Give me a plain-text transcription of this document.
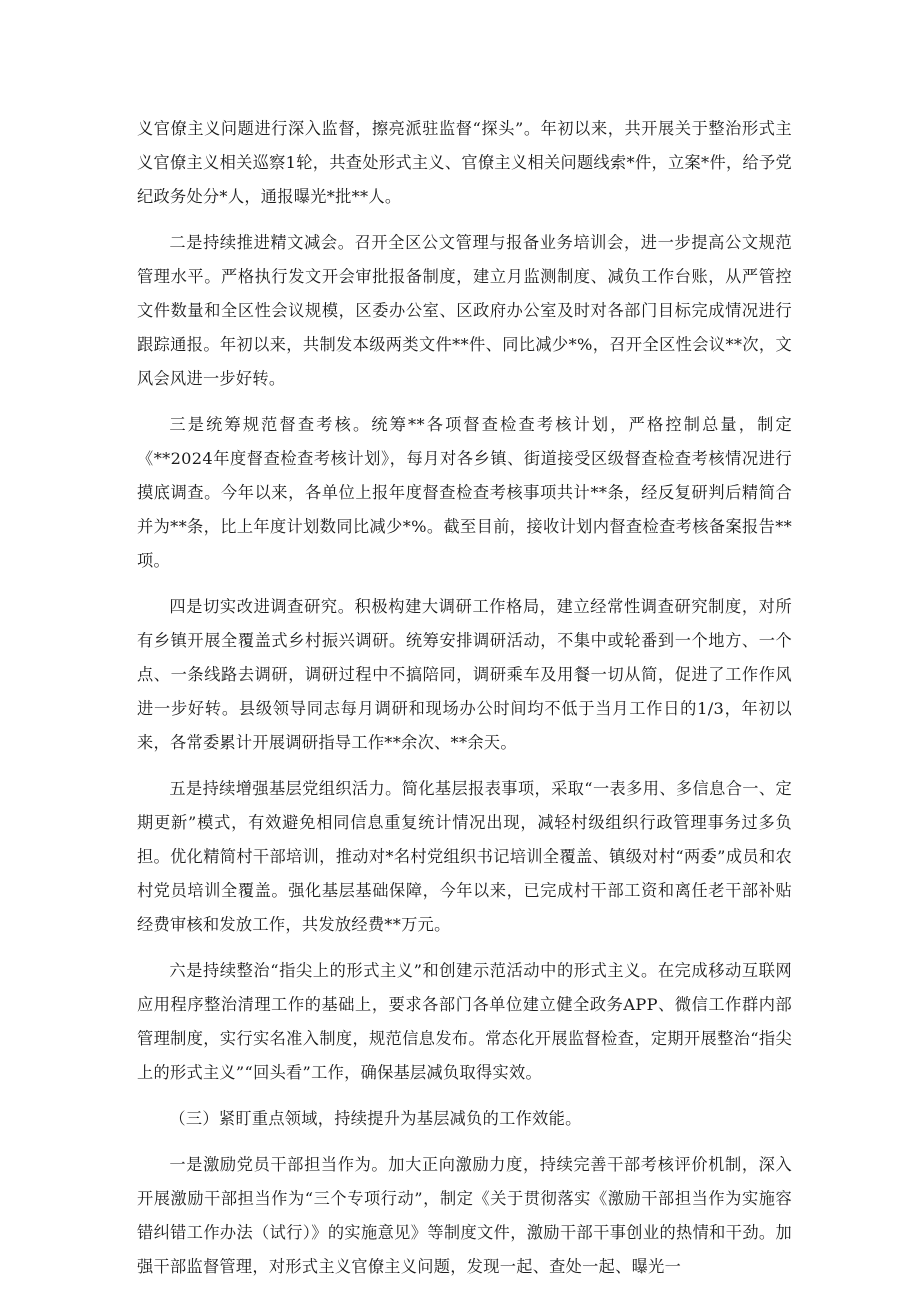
义官僚主义问题进行深入监督，擦亮派驻监督“探头”。年初以来，共开展关于整治形式主义官僚主义相关巡察1轮，共查处形式主义、官僚主义相关问题线索*件，立案*件，给予党纪政务处分*人，通报曝光*批**人。

二是持续推进精文减会。召开全区公文管理与报备业务培训会，进一步提高公文规范管理水平。严格执行发文开会审批报备制度，建立月监测制度、减负工作台账，从严管控文件数量和全区性会议规模，区委办公室、区政府办公室及时对各部门目标完成情况进行跟踪通报。年初以来，共制发本级两类文件**件、同比减少*%，召开全区性会议**次，文风会风进一步好转。

三是统筹规范督查考核。统筹**各项督查检查考核计划，严格控制总量，制定《**2024年度督查检查考核计划》，每月对各乡镇、街道接受区级督查检查考核情况进行摸底调查。今年以来，各单位上报年度督查检查考核事项共计**条，经反复研判后精简合并为**条，比上年度计划数同比减少*%。截至目前，接收计划内督查检查考核备案报告**项。

四是切实改进调查研究。积极构建大调研工作格局，建立经常性调查研究制度，对所有乡镇开展全覆盖式乡村振兴调研。统筹安排调研活动，不集中或轮番到一个地方、一个点、一条线路去调研，调研过程中不搞陪同，调研乘车及用餐一切从简，促进了工作作风进一步好转。县级领导同志每月调研和现场办公时间均不低于当月工作日的1/3，年初以来，各常委累计开展调研指导工作**余次、**余天。

五是持续增强基层党组织活力。简化基层报表事项，采取“一表多用、多信息合一、定期更新”模式，有效避免相同信息重复统计情况出现，减轻村级组织行政管理事务过多负担。优化精简村干部培训，推动对*名村党组织书记培训全覆盖、镇级对村“两委”成员和农村党员培训全覆盖。强化基层基础保障，今年以来，已完成村干部工资和离任老干部补贴经费审核和发放工作，共发放经费**万元。

六是持续整治“指尖上的形式主义”和创建示范活动中的形式主义。在完成移动互联网应用程序整治清理工作的基础上，要求各部门各单位建立健全政务APP、微信工作群内部管理制度，实行实名准入制度，规范信息发布。常态化开展监督检查，定期开展整治“指尖上的形式主义”“回头看”工作，确保基层减负取得实效。

（三）紧盯重点领域，持续提升为基层减负的工作效能。

一是激励党员干部担当作为。加大正向激励力度，持续完善干部考核评价机制，深入开展激励干部担当作为“三个专项行动”，制定《关于贯彻落实《激励干部担当作为实施容错纠错工作办法（试行）》的实施意见》等制度文件，激励干部干事创业的热情和干劲。加强干部监督管理，对形式主义官僚主义问题，发现一起、查处一起、曝光一
